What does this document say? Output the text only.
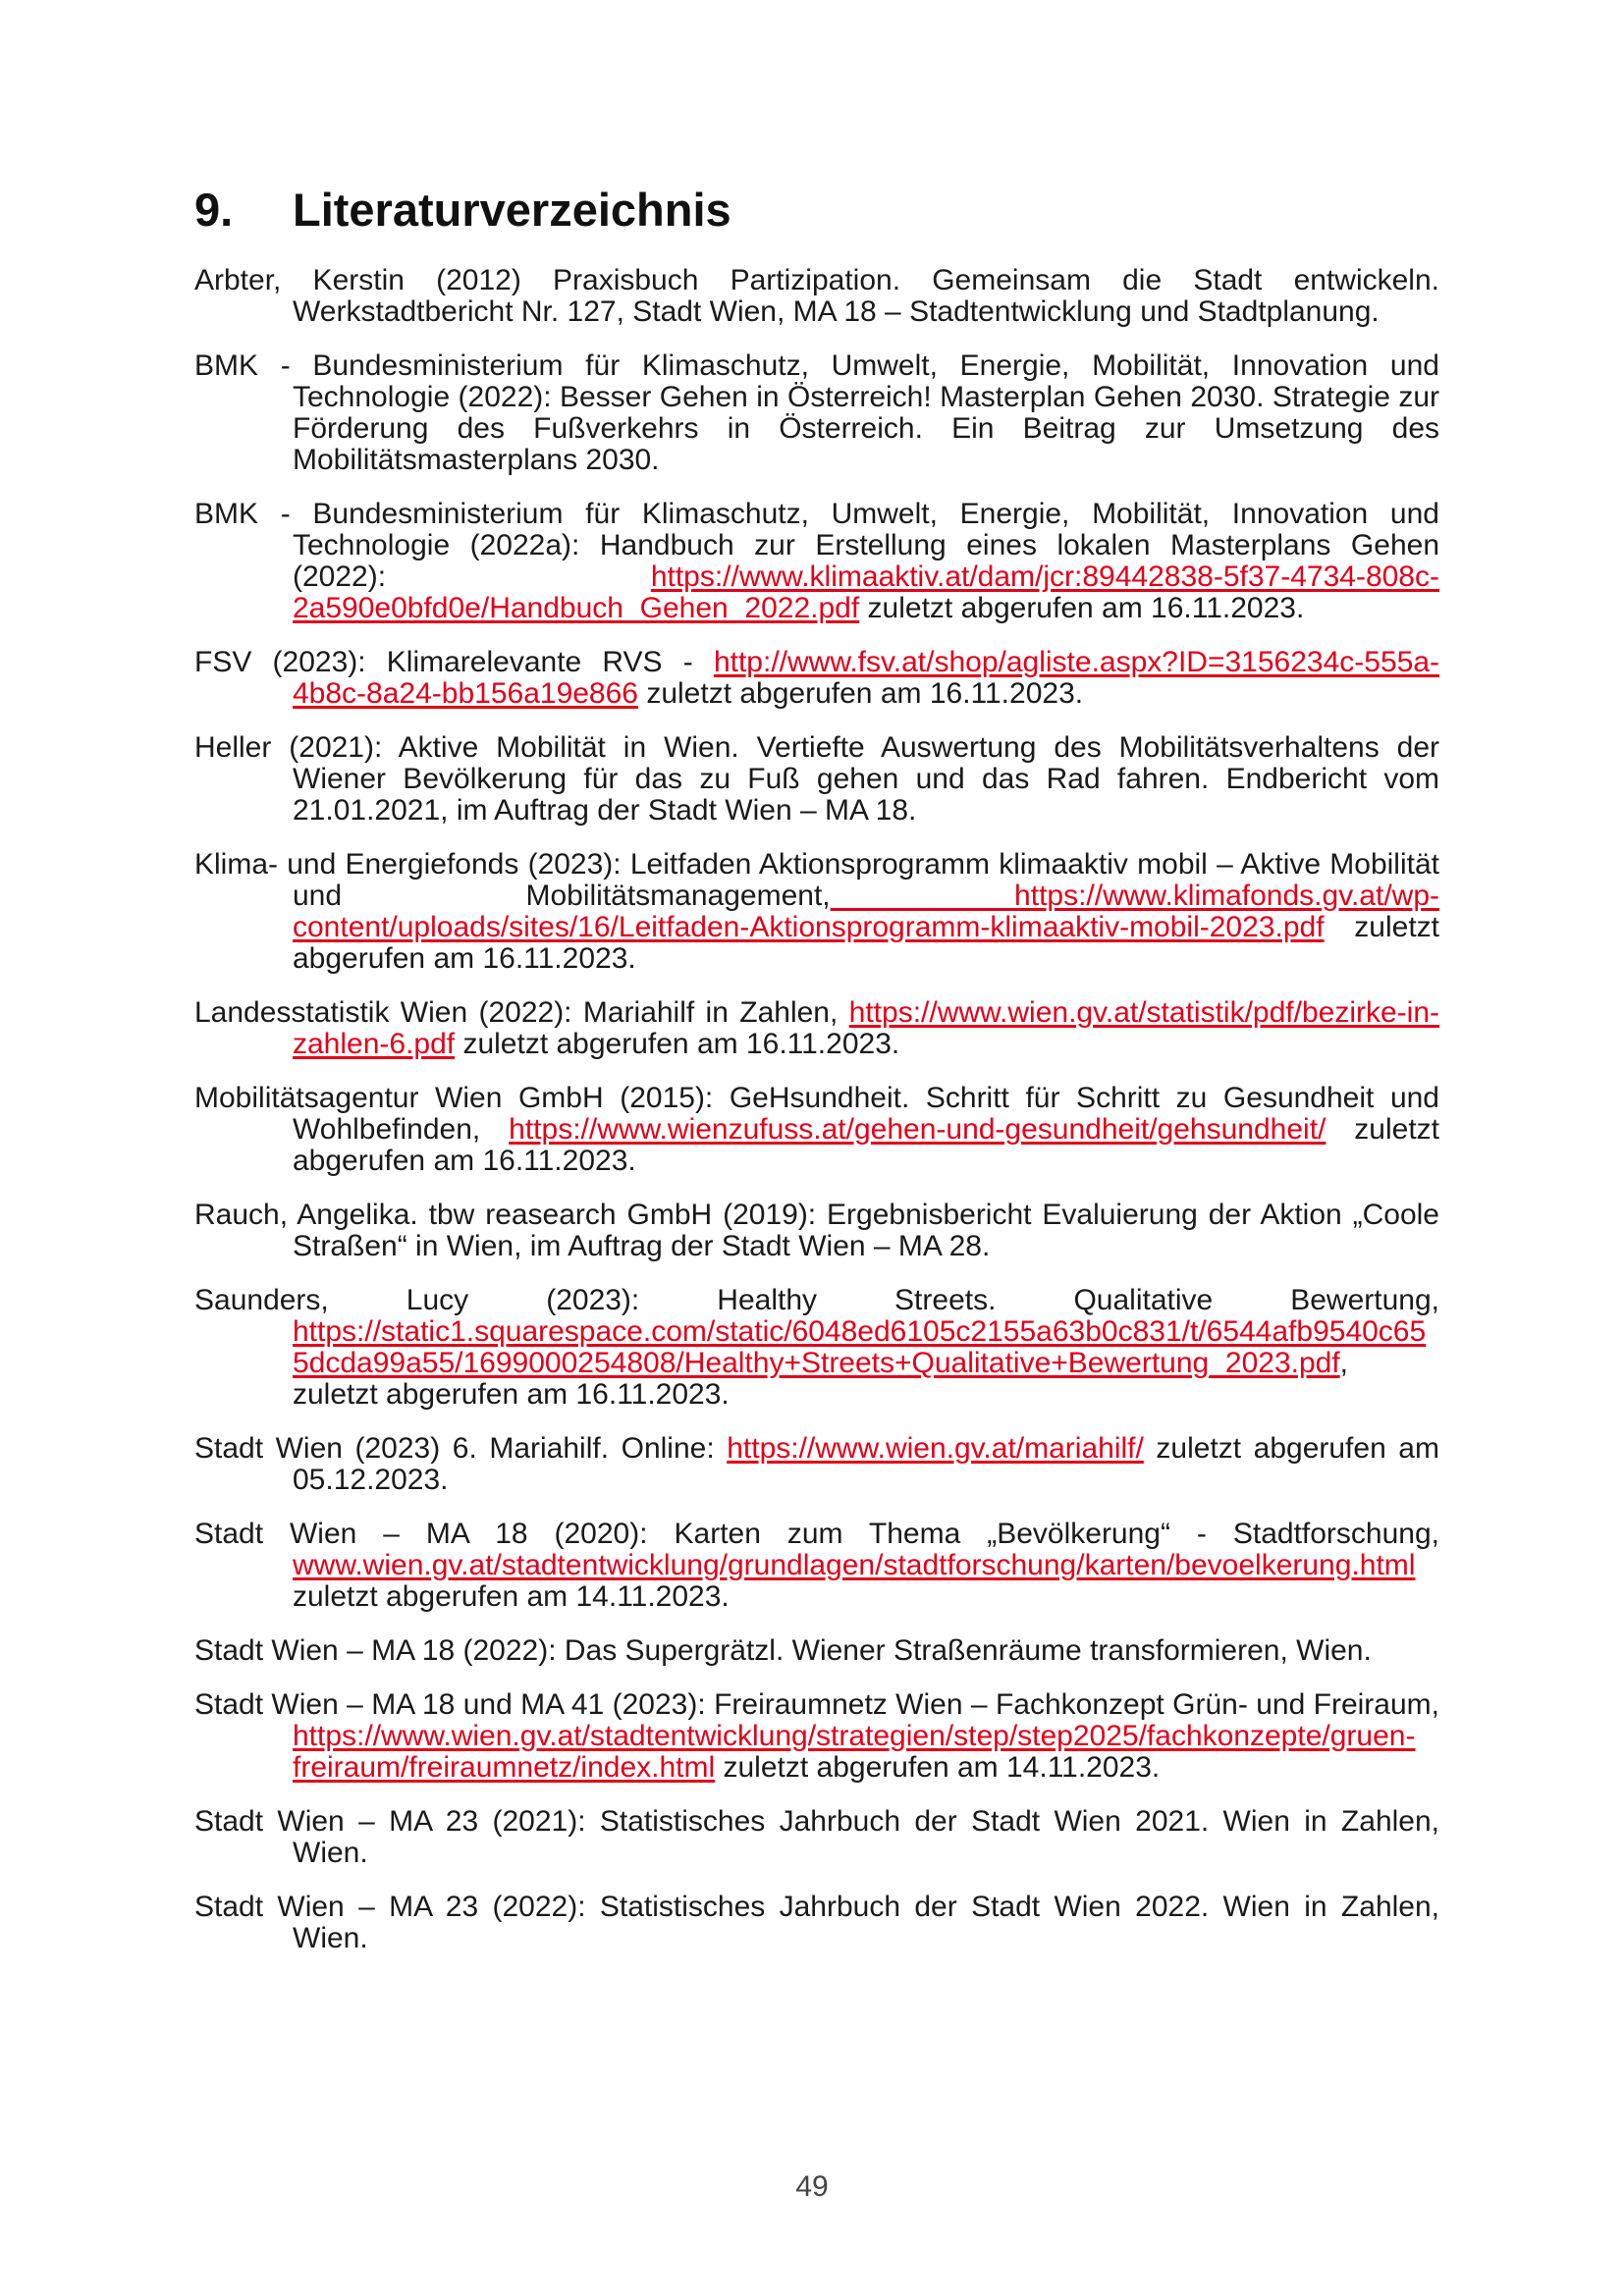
9. Literaturverzeichnis
Arbter, Kerstin (2012) Praxisbuch Partizipation. Gemeinsam die Stadt entwickeln. Werkstadtbericht Nr. 127, Stadt Wien, MA 18 – Stadtentwicklung und Stadtplanung.
BMK - Bundesministerium für Klimaschutz, Umwelt, Energie, Mobilität, Innovation und Technologie (2022): Besser Gehen in Österreich! Masterplan Gehen 2030. Strategie zur Förderung des Fußverkehrs in Österreich. Ein Beitrag zur Umsetzung des Mobilitätsmasterplans 2030.
BMK - Bundesministerium für Klimaschutz, Umwelt, Energie, Mobilität, Innovation und Technologie (2022a): Handbuch zur Erstellung eines lokalen Masterplans Gehen (2022): https://www.klimaaktiv.at/dam/jcr:89442838-5f37-4734-808c-2a590e0bfd0e/Handbuch_Gehen_2022.pdf zuletzt abgerufen am 16.11.2023.
FSV (2023): Klimarelevante RVS - http://www.fsv.at/shop/agliste.aspx?ID=3156234c-555a-4b8c-8a24-bb156a19e866 zuletzt abgerufen am 16.11.2023.
Heller (2021): Aktive Mobilität in Wien. Vertiefte Auswertung des Mobilitätsverhaltens der Wiener Bevölkerung für das zu Fuß gehen und das Rad fahren. Endbericht vom 21.01.2021, im Auftrag der Stadt Wien – MA 18.
Klima- und Energiefonds (2023): Leitfaden Aktionsprogramm klimaaktiv mobil – Aktive Mobilität und Mobilitätsmanagement, https://www.klimafonds.gv.at/wp-content/uploads/sites/16/Leitfaden-Aktionsprogramm-klimaaktiv-mobil-2023.pdf zuletzt abgerufen am 16.11.2023.
Landesstatistik Wien (2022): Mariahilf in Zahlen, https://www.wien.gv.at/statistik/pdf/bezirke-in-zahlen-6.pdf zuletzt abgerufen am 16.11.2023.
Mobilitätsagentur Wien GmbH (2015): GeHsundheit. Schritt für Schritt zu Gesundheit und Wohlbefinden, https://www.wienzufuss.at/gehen-und-gesundheit/gehsundheit/ zuletzt abgerufen am 16.11.2023.
Rauch, Angelika. tbw reasearch GmbH (2019): Ergebnisbericht Evaluierung der Aktion „Coole Straßen“ in Wien, im Auftrag der Stadt Wien – MA 28.
Saunders, Lucy (2023): Healthy Streets. Qualitative Bewertung, https://static1.squarespace.com/static/6048ed6105c2155a63b0c831/t/6544afb9540c655dcda99a55/1699000254808/Healthy+Streets+Qualitative+Bewertung_2023.pdf, zuletzt abgerufen am 16.11.2023.
Stadt Wien (2023) 6. Mariahilf. Online: https://www.wien.gv.at/mariahilf/ zuletzt abgerufen am 05.12.2023.
Stadt Wien – MA 18 (2020): Karten zum Thema „Bevölkerung“ - Stadtforschung, www.wien.gv.at/stadtentwicklung/grundlagen/stadtforschung/karten/bevoelkerung.html zuletzt abgerufen am 14.11.2023.
Stadt Wien – MA 18 (2022): Das Supergrätzl. Wiener Straßenräume transformieren, Wien.
Stadt Wien – MA 18 und MA 41 (2023): Freiraumnetz Wien – Fachkonzept Grün- und Freiraum, https://www.wien.gv.at/stadtentwicklung/strategien/step/step2025/fachkonzepte/gruen-freiraum/freiraumnetz/index.html zuletzt abgerufen am 14.11.2023.
Stadt Wien – MA 23 (2021): Statistisches Jahrbuch der Stadt Wien 2021. Wien in Zahlen, Wien.
Stadt Wien – MA 23 (2022): Statistisches Jahrbuch der Stadt Wien 2022. Wien in Zahlen, Wien.
49
